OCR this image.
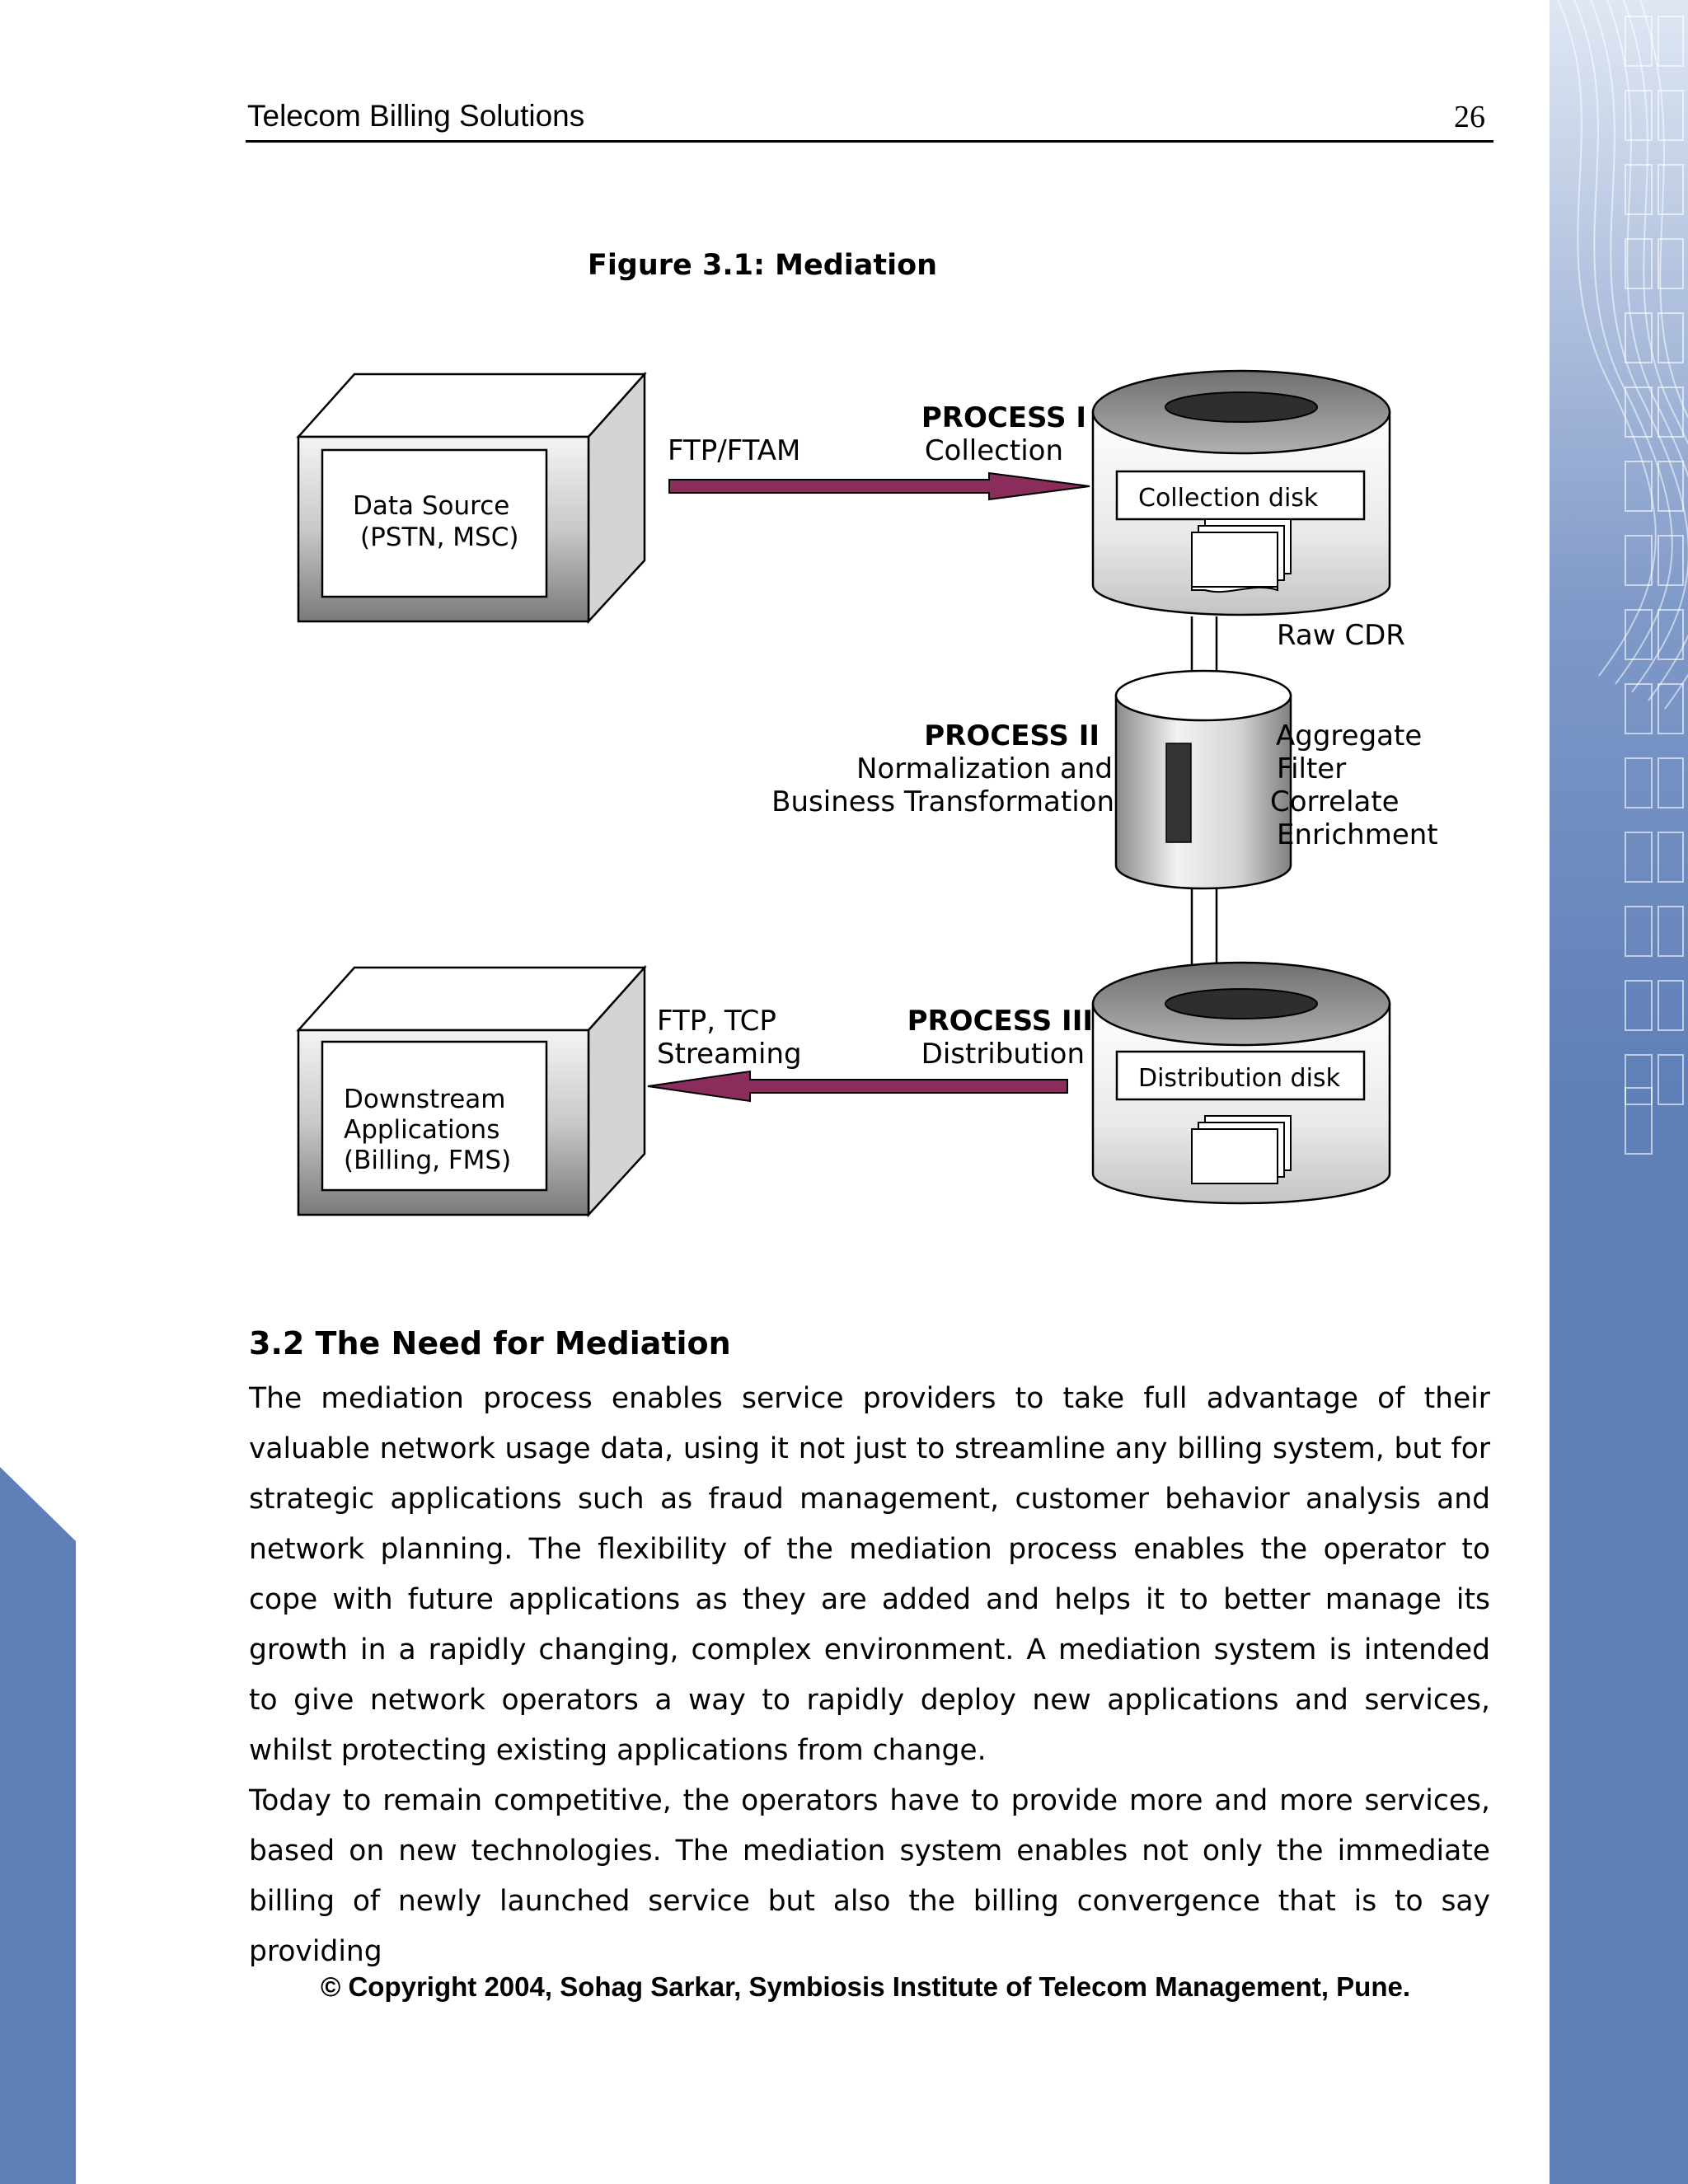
Telecom Billing Solutions	26
Figure 3.1: Mediation
Data Source
(PSTN, MSC)
Downstream
Applications
(Billing, FMS)
Collection disk
Distribution disk
FTP/FTAM
PROCESS I
Collection
Raw CDR
PROCESS II
Normalization and
Business Transformation
Aggregate
Filter
Correlate
Enrichment
FTP, TCP
Streaming
PROCESS III
Distribution
3.2 The Need for Mediation

The mediation process enables service providers to take full advantage of their valuable network usage data, using it not just to streamline any billing system, but for strategic applications such as fraud management, customer behavior analysis and network planning. The flexibility of the mediation process enables the operator to cope with future applications as they are added and helps it to better manage its growth in a rapidly changing, complex environment. A mediation system is intended to give network operators a way to rapidly deploy new applications and services, whilst protecting existing applications from change.

Today to remain competitive, the operators have to provide more and more services, based on new technologies. The mediation system enables not only the immediate billing of newly launched service but also the billing convergence that is to say providing

© Copyright 2004, Sohag Sarkar, Symbiosis Institute of Telecom Management, Pune.
